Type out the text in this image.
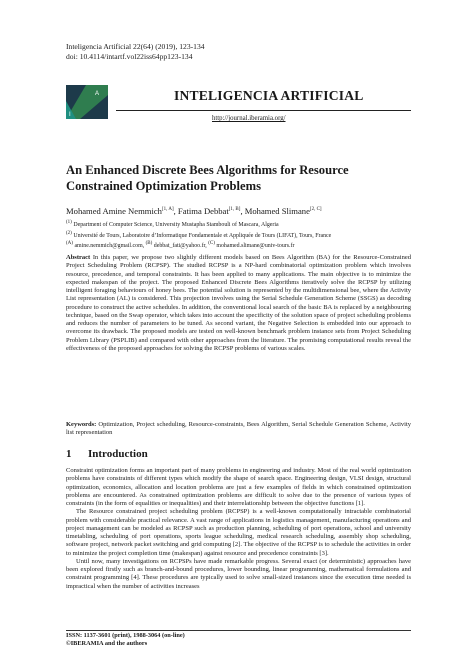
Inteligencia Artificial 22(64) (2019), 123-134
doi: 10.4114/intartf.vol22iss64pp123-134
A
I
INTELIGENCIA ARTIFICIAL
http://journal.iberamia.org/
An Enhanced Discrete Bees Algorithms for Resource Constrained Optimization Problems
Mohamed Amine Nemmich[1, A], Fatima Debbat[1, B], Mohamed Slimane[2, C]
$^{(1)}$ Department of Computer Science, University Mustapha Stambouli of Mascara, Algeria
$^{(2)}$ Université de Tours, Laboratoire d’Informatique Fondamentale et Appliquée de Tours (LIFAT), Tours, France
$^{(A)}$ amine.nemmich@gmail.com, $^{(B)}$ debbat_fati@yahoo.fr, $^{(C)}$ mohamed.slimane@univ-tours.fr
Abstract In this paper, we propose two slightly different models based on Bees Algorithm (BA) for the Resource-Constrained Project Scheduling Problem (RCPSP). The studied RCPSP is a NP-hard combinatorial optimization problem which involves resource, precedence, and temporal constraints. It has been applied to many applications. The main objective is to minimize the expected makespan of the project. The proposed Enhanced Discrete Bees Algorithms iteratively solve the RCPSP by utilizing intelligent foraging behaviours of honey bees. The potential solution is represented by the multidimensional bee, where the Activity List representation (AL) is considered. This projection involves using the Serial Schedule Generation Scheme (SSGS) as decoding procedure to construct the active schedules. In addition, the conventional local search of the basic BA is replaced by a neighbouring technique, based on the Swap operator, which takes into account the specificity of the solution space of project scheduling problems and reduces the number of parameters to be tuned. As second variant, the Negative Selection is embedded into our approach to overcome its drawback. The proposed models are tested on well-known benchmark problem instance sets from Project Scheduling Problem Library (PSPLIB) and compared with other approaches from the literature. The promising computational results reveal the effectiveness of the proposed approaches for solving the RCPSP problems of various scales.
Keywords: Optimization, Project scheduling, Resource-constraints, Bees Algorithm, Serial Schedule Generation Scheme, Activity list representation
1 Introduction

Constraint optimization forms an important part of many problems in engineering and industry. Most of the real world optimization problems have constraints of different types which modify the shape of search space. Engineering design, VLSI design, structural optimization, economics, allocation and location problems are just a few examples of fields in which constrained optimization problems are encountered. As constrained optimization problems are difficult to solve due to the presence of various types of constraints (in the form of equalities or inequalities) and their interrelationship between the objective functions [1].

The Resource constrained project scheduling problem (RCPSP) is a well-known computationally intractable combinatorial problem with considerable practical relevance. A vast range of applications in logistics management, manufacturing operations and project management can be modeled as RCPSP such as production planning, scheduling of port operations, school and university timetabling, scheduling of port operations, sports league scheduling, medical research scheduling, assembly shop scheduling, software project, network packet switching and grid computing [2]. The objective of the RCPSP is to schedule the activities in order to minimize the project completion time (makespan) against resource and precedence constraints [3].

Until now, many investigations on RCPSPs have made remarkable progress. Several exact (or deterministic) approaches have been explored firstly such as branch-and-bound procedures, lower bounding, linear programming, mathematical formulations and constraint programming [4]. These procedures are typically used to solve small-sized instances since the execution time needed is impractical when the number of activities increases

ISSN: 1137-3601 (print), 1988-3064 (on-line)
©IBERAMIA and the authors
